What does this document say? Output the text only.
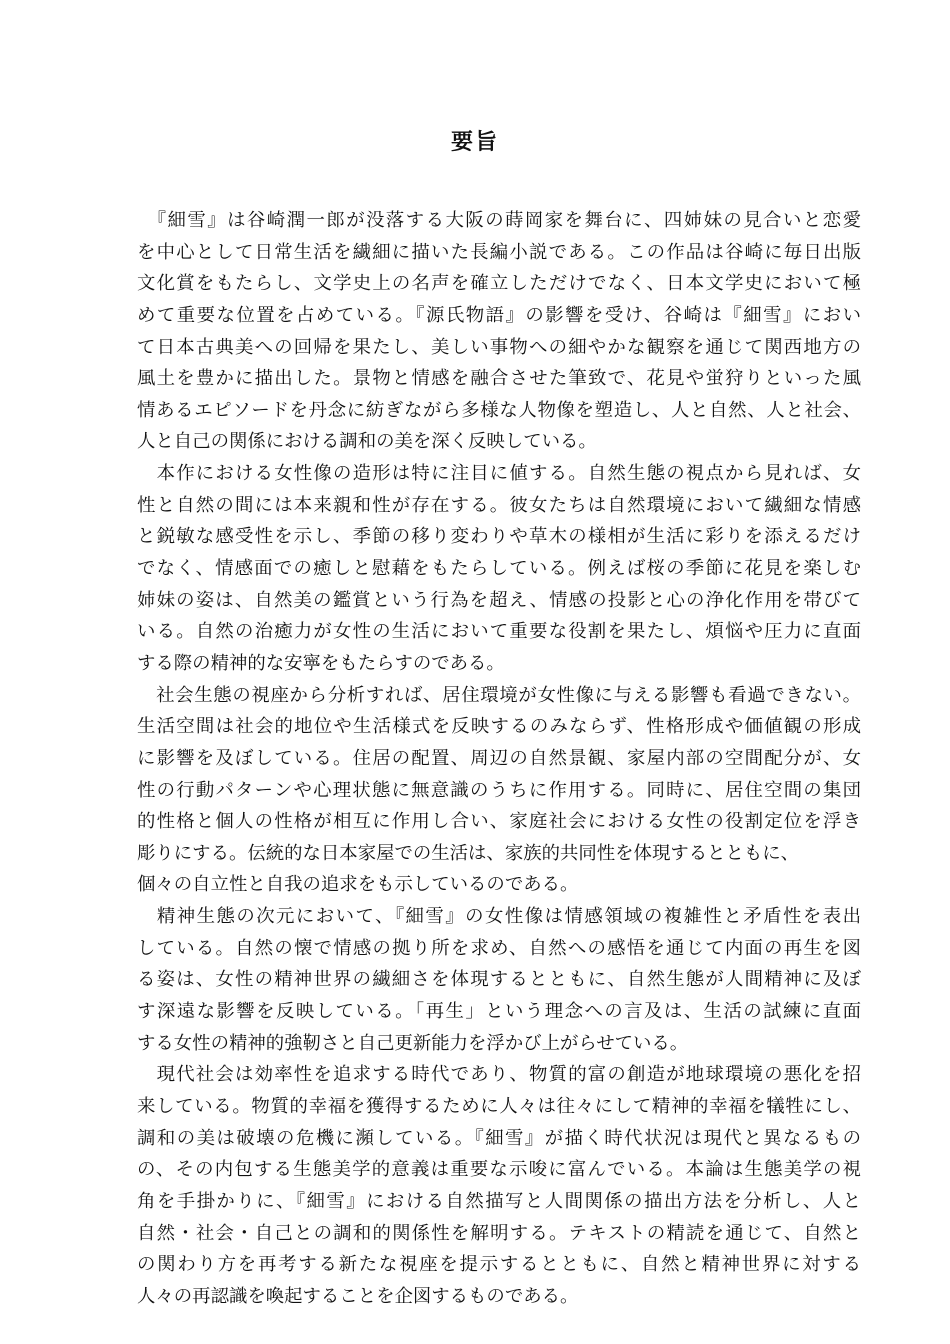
要旨
　『細雪』は谷崎潤一郎が没落する大阪の蒔岡家を舞台に、四姉妹の見合いと恋愛
を中心として日常生活を繊細に描いた長編小説である。この作品は谷崎に毎日出版
文化賞をもたらし、文学史上の名声を確立しただけでなく、日本文学史において極
めて重要な位置を占めている。『源氏物語』の影響を受け、谷崎は『細雪』におい
て日本古典美への回帰を果たし、美しい事物への細やかな観察を通じて関西地方の
風土を豊かに描出した。景物と情感を融合させた筆致で、花見や蛍狩りといった風
情あるエピソードを丹念に紡ぎながら多様な人物像を塑造し、人と自然、人と社会、
人と自己の関係における調和の美を深く反映している。
　本作における女性像の造形は特に注目に値する。自然生態の視点から見れば、女
性と自然の間には本来親和性が存在する。彼女たちは自然環境において繊細な情感
と鋭敏な感受性を示し、季節の移り変わりや草木の様相が生活に彩りを添えるだけ
でなく、情感面での癒しと慰藉をもたらしている。例えば桜の季節に花見を楽しむ
姉妹の姿は、自然美の鑑賞という行為を超え、情感の投影と心の浄化作用を帯びて
いる。自然の治癒力が女性の生活において重要な役割を果たし、煩悩や圧力に直面
する際の精神的な安寧をもたらすのである。
　社会生態の視座から分析すれば、居住環境が女性像に与える影響も看過できない。
生活空間は社会的地位や生活様式を反映するのみならず、性格形成や価値観の形成
に影響を及ぼしている。住居の配置、周辺の自然景観、家屋内部の空間配分が、女
性の行動パターンや心理状態に無意識のうちに作用する。同時に、居住空間の集団
的性格と個人の性格が相互に作用し合い、家庭社会における女性の役割定位を浮き
彫りにする。伝統的な日本家屋での生活は、家族的共同性を体現するとともに、
個々の自立性と自我の追求をも示しているのである。
　精神生態の次元において、『細雪』の女性像は情感領域の複雑性と矛盾性を表出
している。自然の懐で情感の拠り所を求め、自然への感悟を通じて内面の再生を図
る姿は、女性の精神世界の繊細さを体現するとともに、自然生態が人間精神に及ぼ
す深遠な影響を反映している。「再生」という理念への言及は、生活の試練に直面
する女性の精神的強靭さと自己更新能力を浮かび上がらせている。
　現代社会は効率性を追求する時代であり、物質的富の創造が地球環境の悪化を招
来している。物質的幸福を獲得するために人々は往々にして精神的幸福を犠牲にし、
調和の美は破壊の危機に瀕している。『細雪』が描く時代状況は現代と異なるもの
の、その内包する生態美学的意義は重要な示唆に富んでいる。本論は生態美学の視
角を手掛かりに、『細雪』における自然描写と人間関係の描出方法を分析し、人と
自然・社会・自己との調和的関係性を解明する。テキストの精読を通じて、自然と
の関わり方を再考する新たな視座を提示するとともに、自然と精神世界に対する
人々の再認識を喚起することを企図するものである。
